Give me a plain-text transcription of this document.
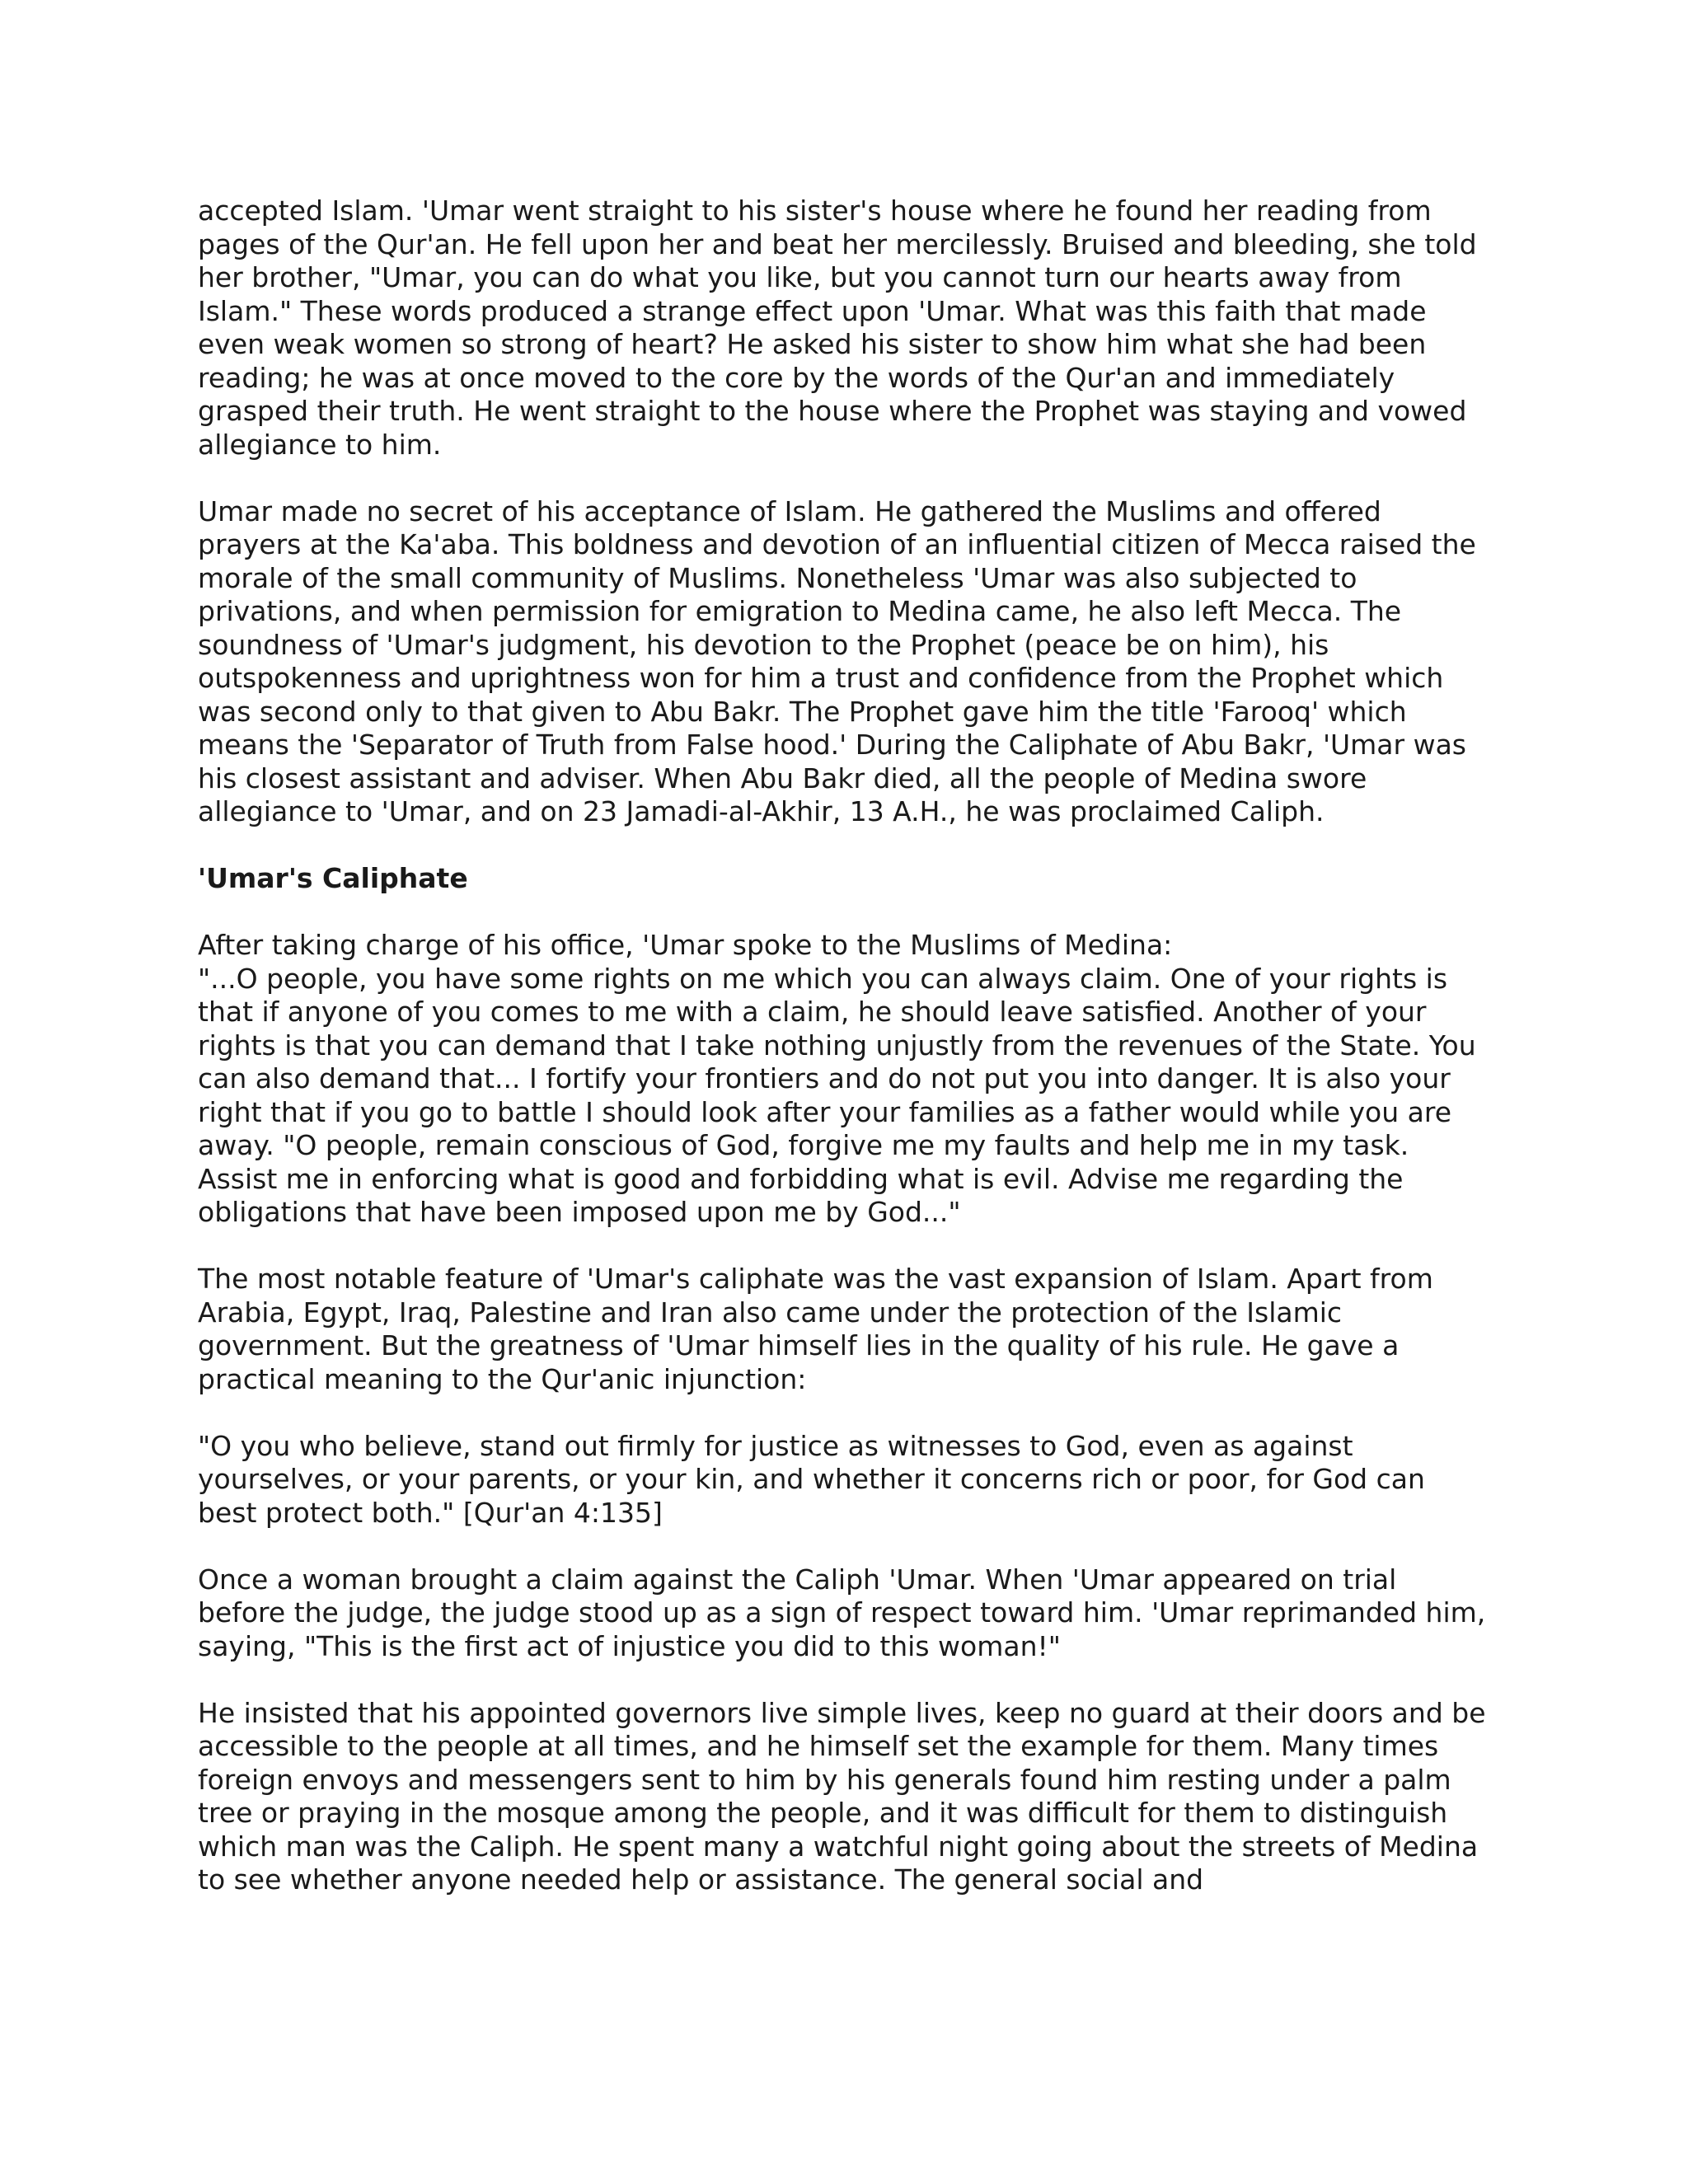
accepted Islam. 'Umar went straight to his sister's house where he found her reading from pages of the Qur'an. He fell upon her and beat her mercilessly. Bruised and bleeding, she told her brother, "Umar, you can do what you like, but you cannot turn our hearts away from Islam." These words produced a strange effect upon 'Umar. What was this faith that made even weak women so strong of heart? He asked his sister to show him what she had been reading; he was at once moved to the core by the words of the Qur'an and immediately grasped their truth. He went straight to the house where the Prophet was staying and vowed allegiance to him.

Umar made no secret of his acceptance of Islam. He gathered the Muslims and offered prayers at the Ka'aba. This boldness and devotion of an influential citizen of Mecca raised the morale of the small community of Muslims. Nonetheless 'Umar was also subjected to privations, and when permission for emigration to Medina came, he also left Mecca. The soundness of 'Umar's judgment, his devotion to the Prophet (peace be on him), his outspokenness and uprightness won for him a trust and confidence from the Prophet which was second only to that given to Abu Bakr. The Prophet gave him the title 'Farooq' which means the 'Separator of Truth from False hood.' During the Caliphate of Abu Bakr, 'Umar was his closest assistant and adviser. When Abu Bakr died, all the people of Medina swore allegiance to 'Umar, and on 23 Jamadi-al-Akhir, 13 A.H., he was proclaimed Caliph.

'Umar's Caliphate

After taking charge of his office, 'Umar spoke to the Muslims of Medina:

"...O people, you have some rights on me which you can always claim. One of your rights is that if anyone of you comes to me with a claim, he should leave satisfied. Another of your rights is that you can demand that I take nothing unjustly from the revenues of the State. You can also demand that... I fortify your frontiers and do not put you into danger. It is also your right that if you go to battle I should look after your families as a father would while you are away. "O people, remain conscious of God, forgive me my faults and help me in my task. Assist me in enforcing what is good and forbidding what is evil. Advise me regarding the obligations that have been imposed upon me by God..."

The most notable feature of 'Umar's caliphate was the vast expansion of Islam. Apart from Arabia, Egypt, Iraq, Palestine and Iran also came under the protection of the Islamic government. But the greatness of 'Umar himself lies in the quality of his rule. He gave a practical meaning to the Qur'anic injunction:

"O you who believe, stand out firmly for justice as witnesses to God, even as against yourselves, or your parents, or your kin, and whether it concerns rich or poor, for God can best protect both." [Qur'an 4:135]

Once a woman brought a claim against the Caliph 'Umar. When 'Umar appeared on trial before the judge, the judge stood up as a sign of respect toward him. 'Umar reprimanded him, saying, "This is the first act of injustice you did to this woman!"

He insisted that his appointed governors live simple lives, keep no guard at their doors and be accessible to the people at all times, and he himself set the example for them. Many times foreign envoys and messengers sent to him by his generals found him resting under a palm tree or praying in the mosque among the people, and it was difficult for them to distinguish which man was the Caliph. He spent many a watchful night going about the streets of Medina to see whether anyone needed help or assistance. The general social and
